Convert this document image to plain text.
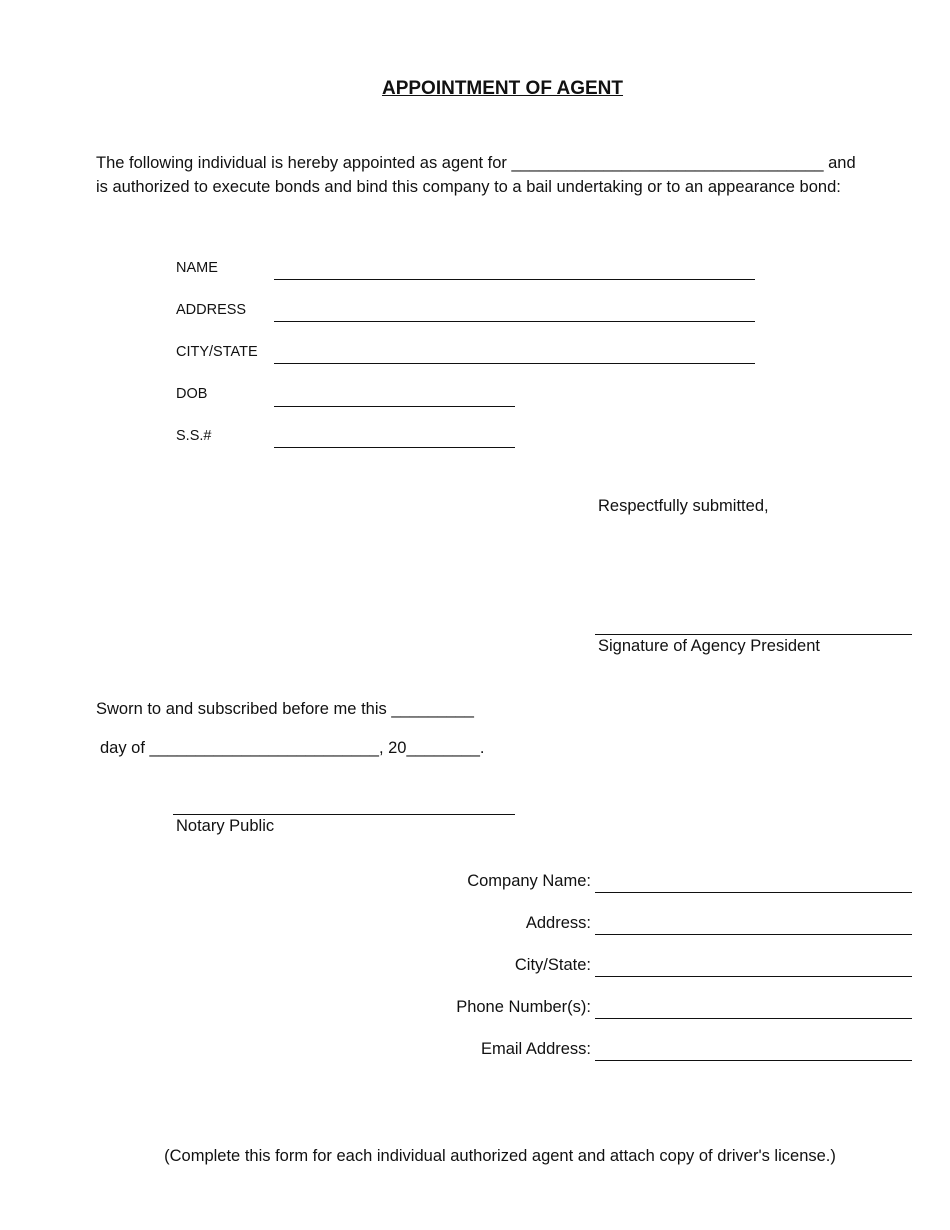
APPOINTMENT OF AGENT
The following individual is hereby appointed as agent for __________________________________ and is authorized to execute bonds and bind this company to a bail undertaking or to an appearance bond:
NAME
ADDRESS
CITY/STATE
DOB
S.S.#
Respectfully submitted,
Signature of Agency President
Sworn to and subscribed before me this _________
day of _________________________, 20________.
Notary Public
Company Name:
Address:
City/State:
Phone Number(s):
Email Address:
(Complete this form for each individual authorized agent and attach copy of driver's license.)
